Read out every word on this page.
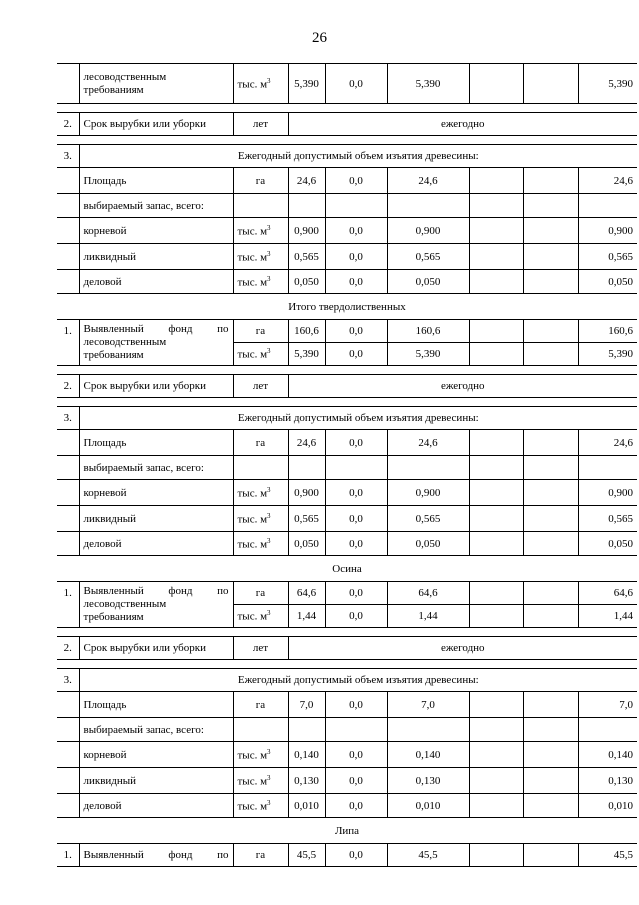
26
	лесоводственным
требованиям	тыс. $м^3$	5,390	0,0	5,390			5,390

2.	Срок вырубки или уборки	лет	ежегодно					

3.	Ежегодный допустимый объем изъятия древесины:							
	Площадь	га	24,6	0,0	24,6			24,6
	выбираемый запас, всего:							
	корневой	тыс. $м^3$	0,900	0,0	0,900			0,900
	ликвидный	тыс. $м^3$	0,565	0,0	0,565			0,565
	деловой	тыс. $м^3$	0,050	0,0	0,050			0,050
Итого твердолиственных								
1.	Выявленный фонд по
лесоводственным
требованиям	га	160,6	0,0	160,6			160,6
		тыс. $м^3$	5,390	0,0	5,390			5,390

2.	Срок вырубки или уборки	лет	ежегодно					

3.	Ежегодный допустимый объем изъятия древесины:							
	Площадь	га	24,6	0,0	24,6			24,6
	выбираемый запас, всего:							
	корневой	тыс. $м^3$	0,900	0,0	0,900			0,900
	ликвидный	тыс. $м^3$	0,565	0,0	0,565			0,565
	деловой	тыс. $м^3$	0,050	0,0	0,050			0,050
Осина								
1.	Выявленный фонд по
лесоводственным
требованиям	га	64,6	0,0	64,6			64,6
		тыс. $м^3$	1,44	0,0	1,44			1,44

2.	Срок вырубки или уборки	лет	ежегодно					

3.	Ежегодный допустимый объем изъятия древесины:							
	Площадь	га	7,0	0,0	7,0			7,0
	выбираемый запас, всего:							
	корневой	тыс. $м^3$	0,140	0,0	0,140			0,140
	ликвидный	тыс. $м^3$	0,130	0,0	0,130			0,130
	деловой	тыс. $м^3$	0,010	0,0	0,010			0,010
Липа								
1.	Выявленный фонд по	га	45,5	0,0	45,5			45,5
